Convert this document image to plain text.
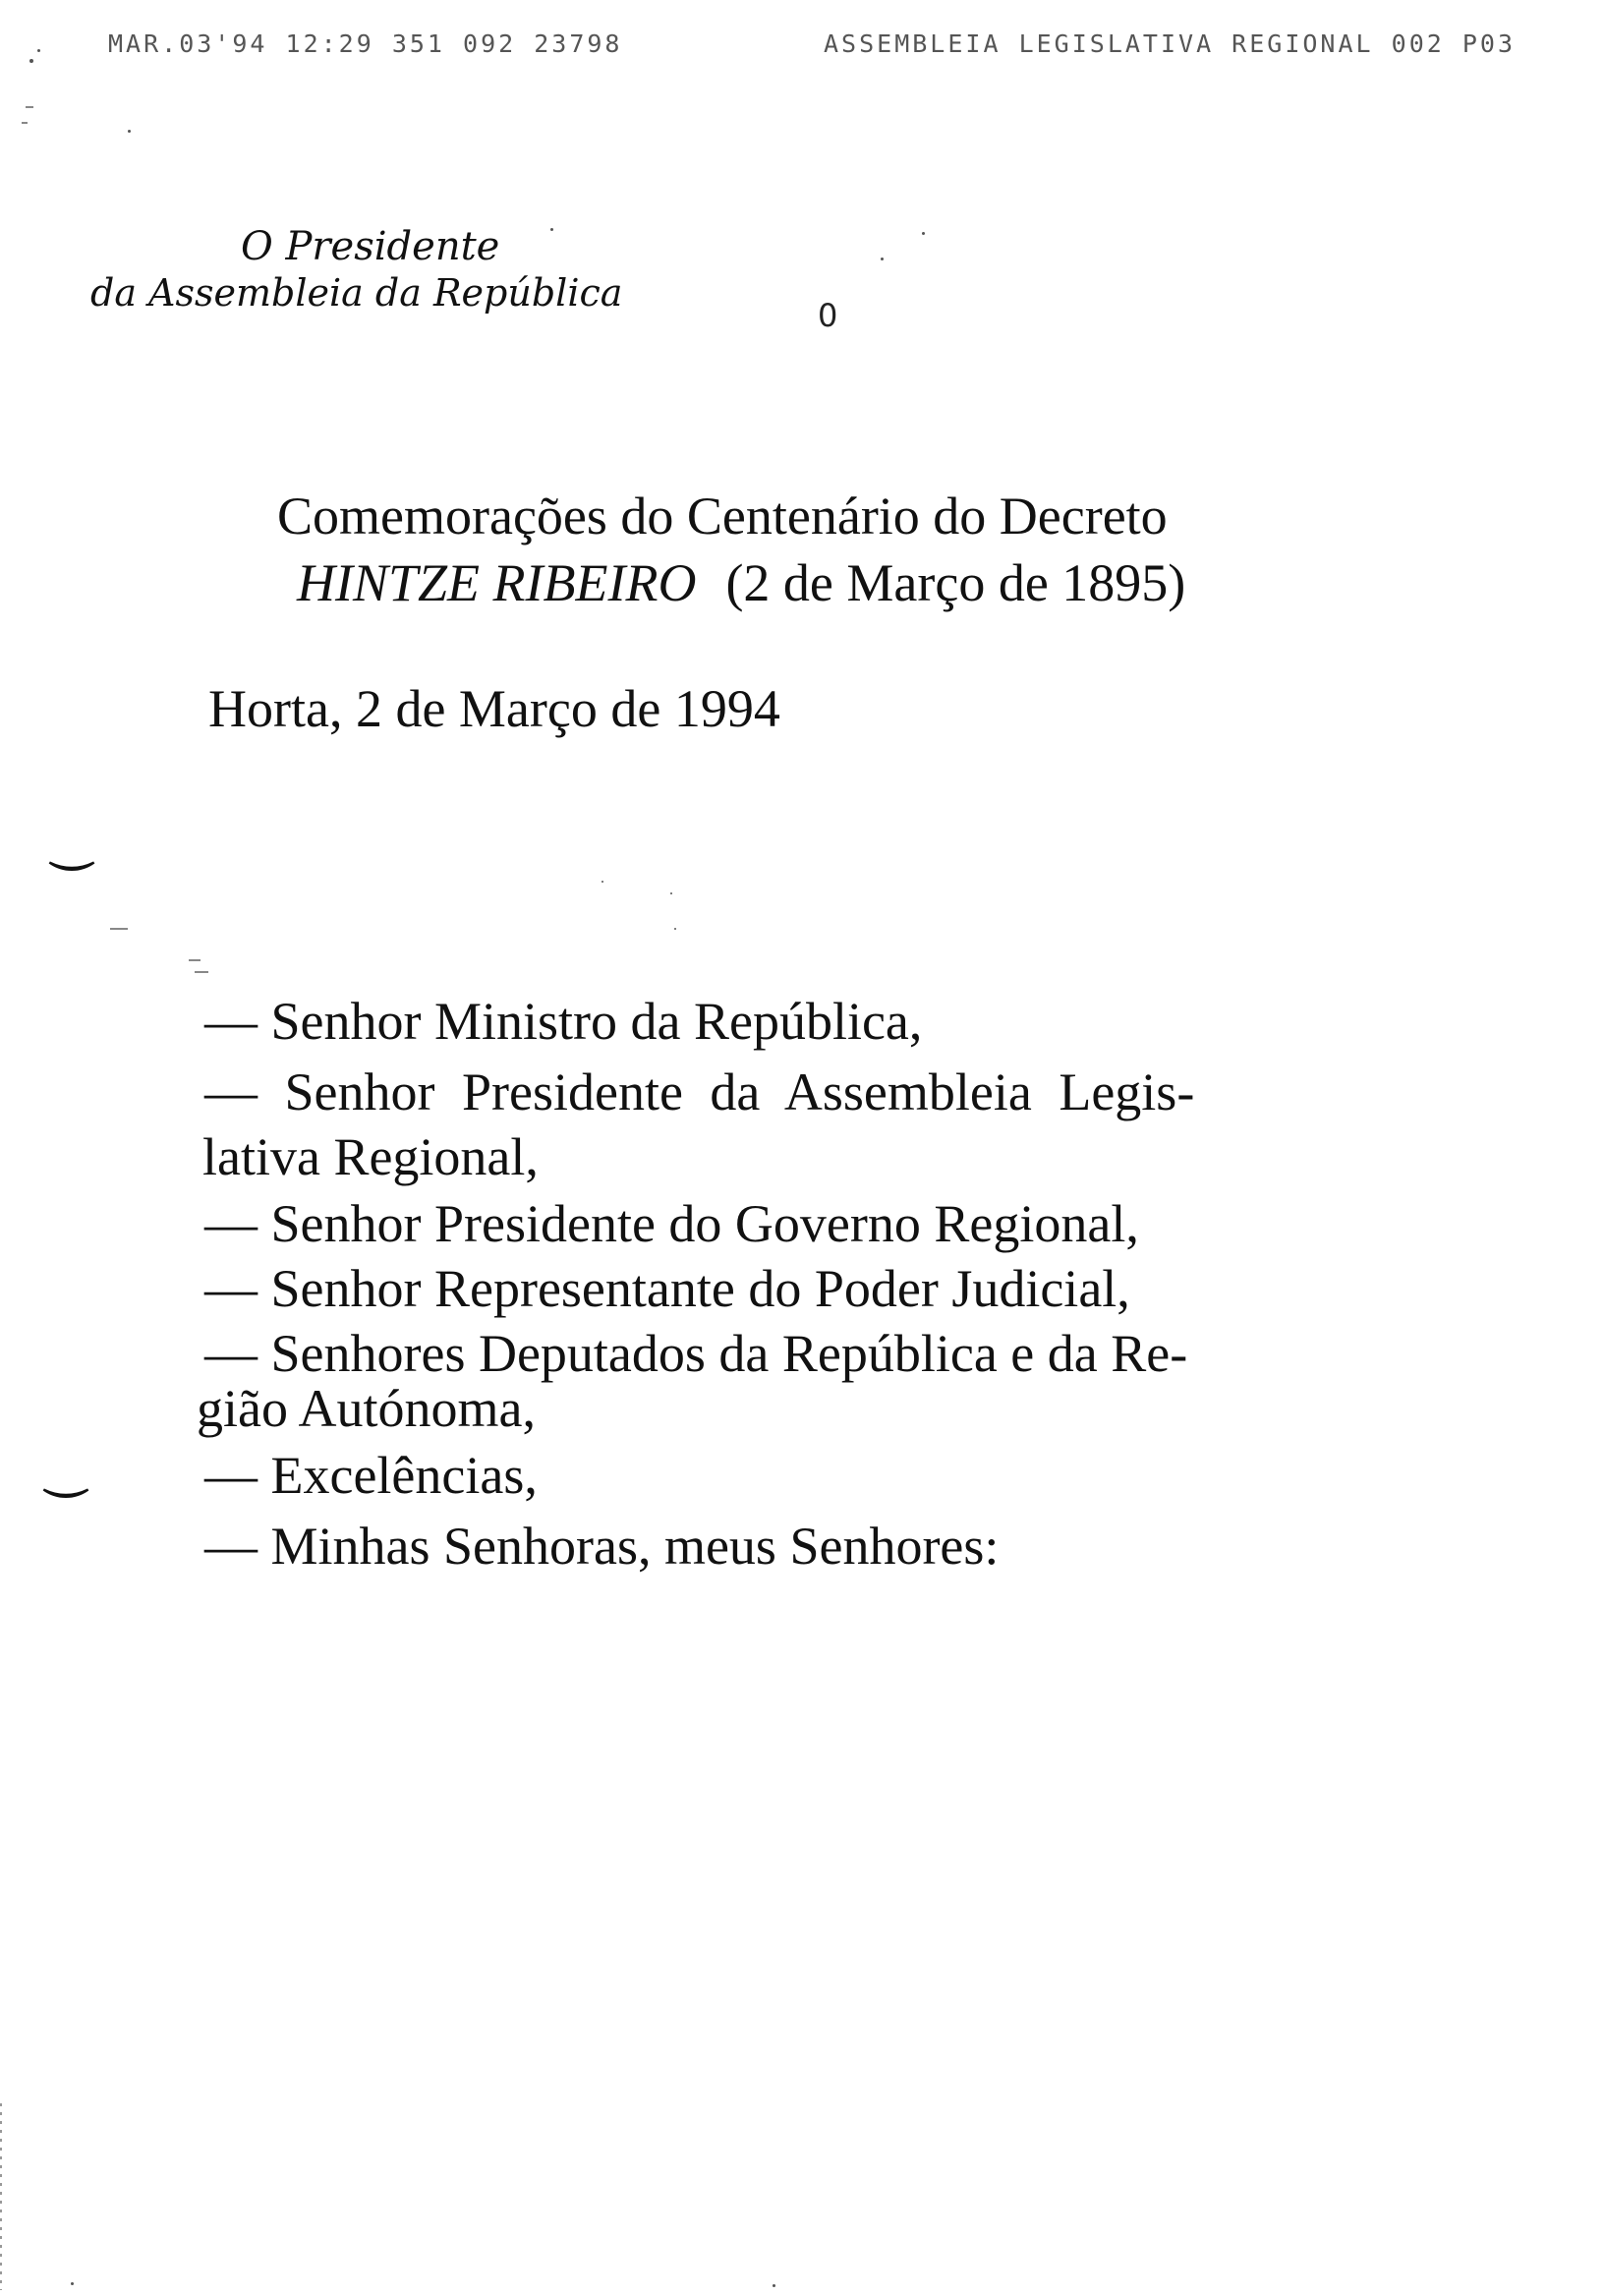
MAR.03'94 12:29 351 092 23798	ASSEMBLEIA LEGISLATIVA REGIONAL 002 P03
O Presidente
da Assembleia da República
0
Comemorações do Centenário do Decreto
HINTZE RIBEIRO (2 de Março de 1895)
Horta, 2 de Março de 1994
— Senhor Ministro da República,
— Senhor Presidente da Assembleia Legis-
lativa Regional,
— Senhor Presidente do Governo Regional,
— Senhor Representante do Poder Judicial,
— Senhores Deputados da República e da Re-
gião Autónoma,
— Excelências,
— Minhas Senhoras, meus Senhores:
⌒
⌒
